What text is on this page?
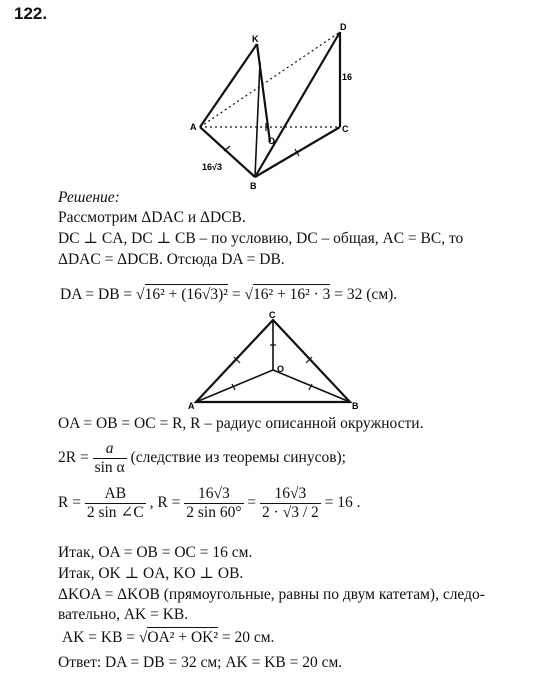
122.
K
D
A	C
B
O
16
16√3
Решение:
Рассмотрим ΔDAC и ΔDCB.
DC ⊥ CA, DC ⊥ CB – по условию, DC – общая, AC = BC, то
ΔDAC = ΔDCB. Отсюда DA = DB.
DA = DB = √16² + (16√3)² = √16² + 16² · 3 = 32 (см).
C
O
A	B
OA = OB = OC = R, R – радиус описанной окружности.
$2R = \frac{a}{\text{sin α}}$ (следствие из теоремы синусов);
$R = \frac{AB}{2 \sin \angle C}$ , $R = \frac{16√3}{2 \sin 60^\circ} = \frac{16√3}{2 \cdot √3 / 2} = 16$ .
Итак, OA = OB = OC = 16 см.
Итак, OK ⊥ OA, KO ⊥ OB.
ΔKOA = ΔKOB (прямоугольные, равны по двум катетам), следо-
вательно, AK = KB.
AK = KB = √OA² + OK² = 20 см.
Ответ: DA = DB = 32 см; AK = KB = 20 см.
